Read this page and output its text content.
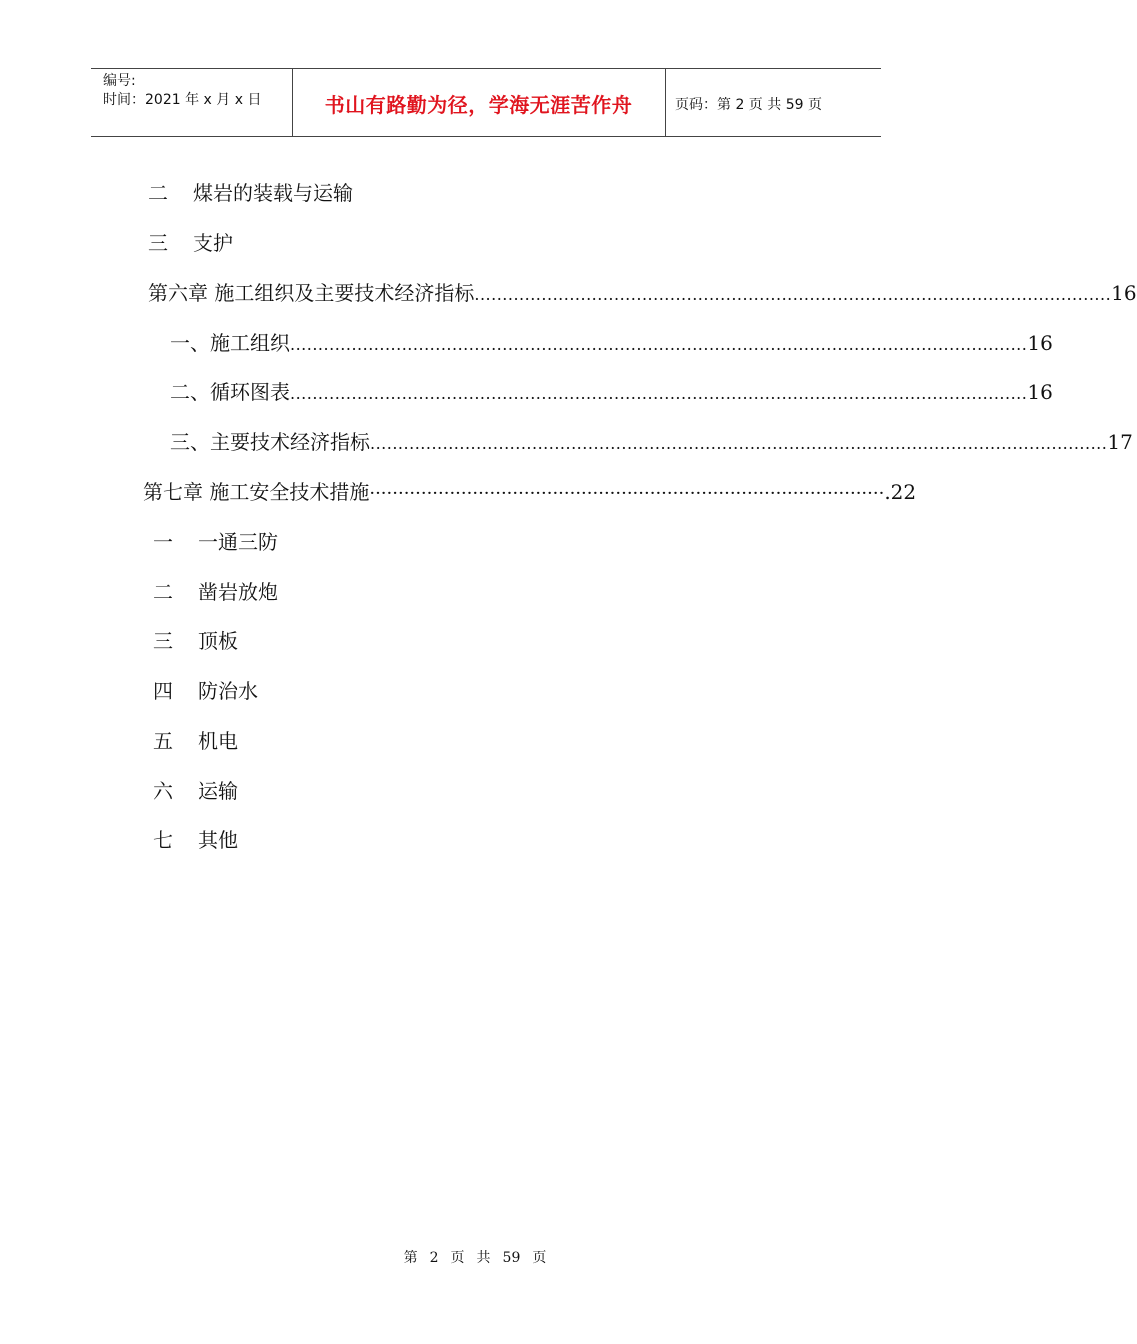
编号:
时间：2021 年 x 月 x 日	书山有路勤为径，学海无涯苦作舟	页码：第 2 页 共 59 页
二 煤岩的装载与运输
三 支护
第六章 施工组织及主要技术经济指标 .................................................................................................................. 16
一、施工组织 .................................................................................................................................... 16
二、循环图表 .................................................................................................................................... 16
三、主要技术经济指标 .................................................................................................................................... 17
第七章 施工安全技术措施 ·························································································· .22
一 一通三防
二 凿岩放炮
三 顶板
四 防治水
五 机电
六 运输
七 其他
第 2 页 共 59 页
